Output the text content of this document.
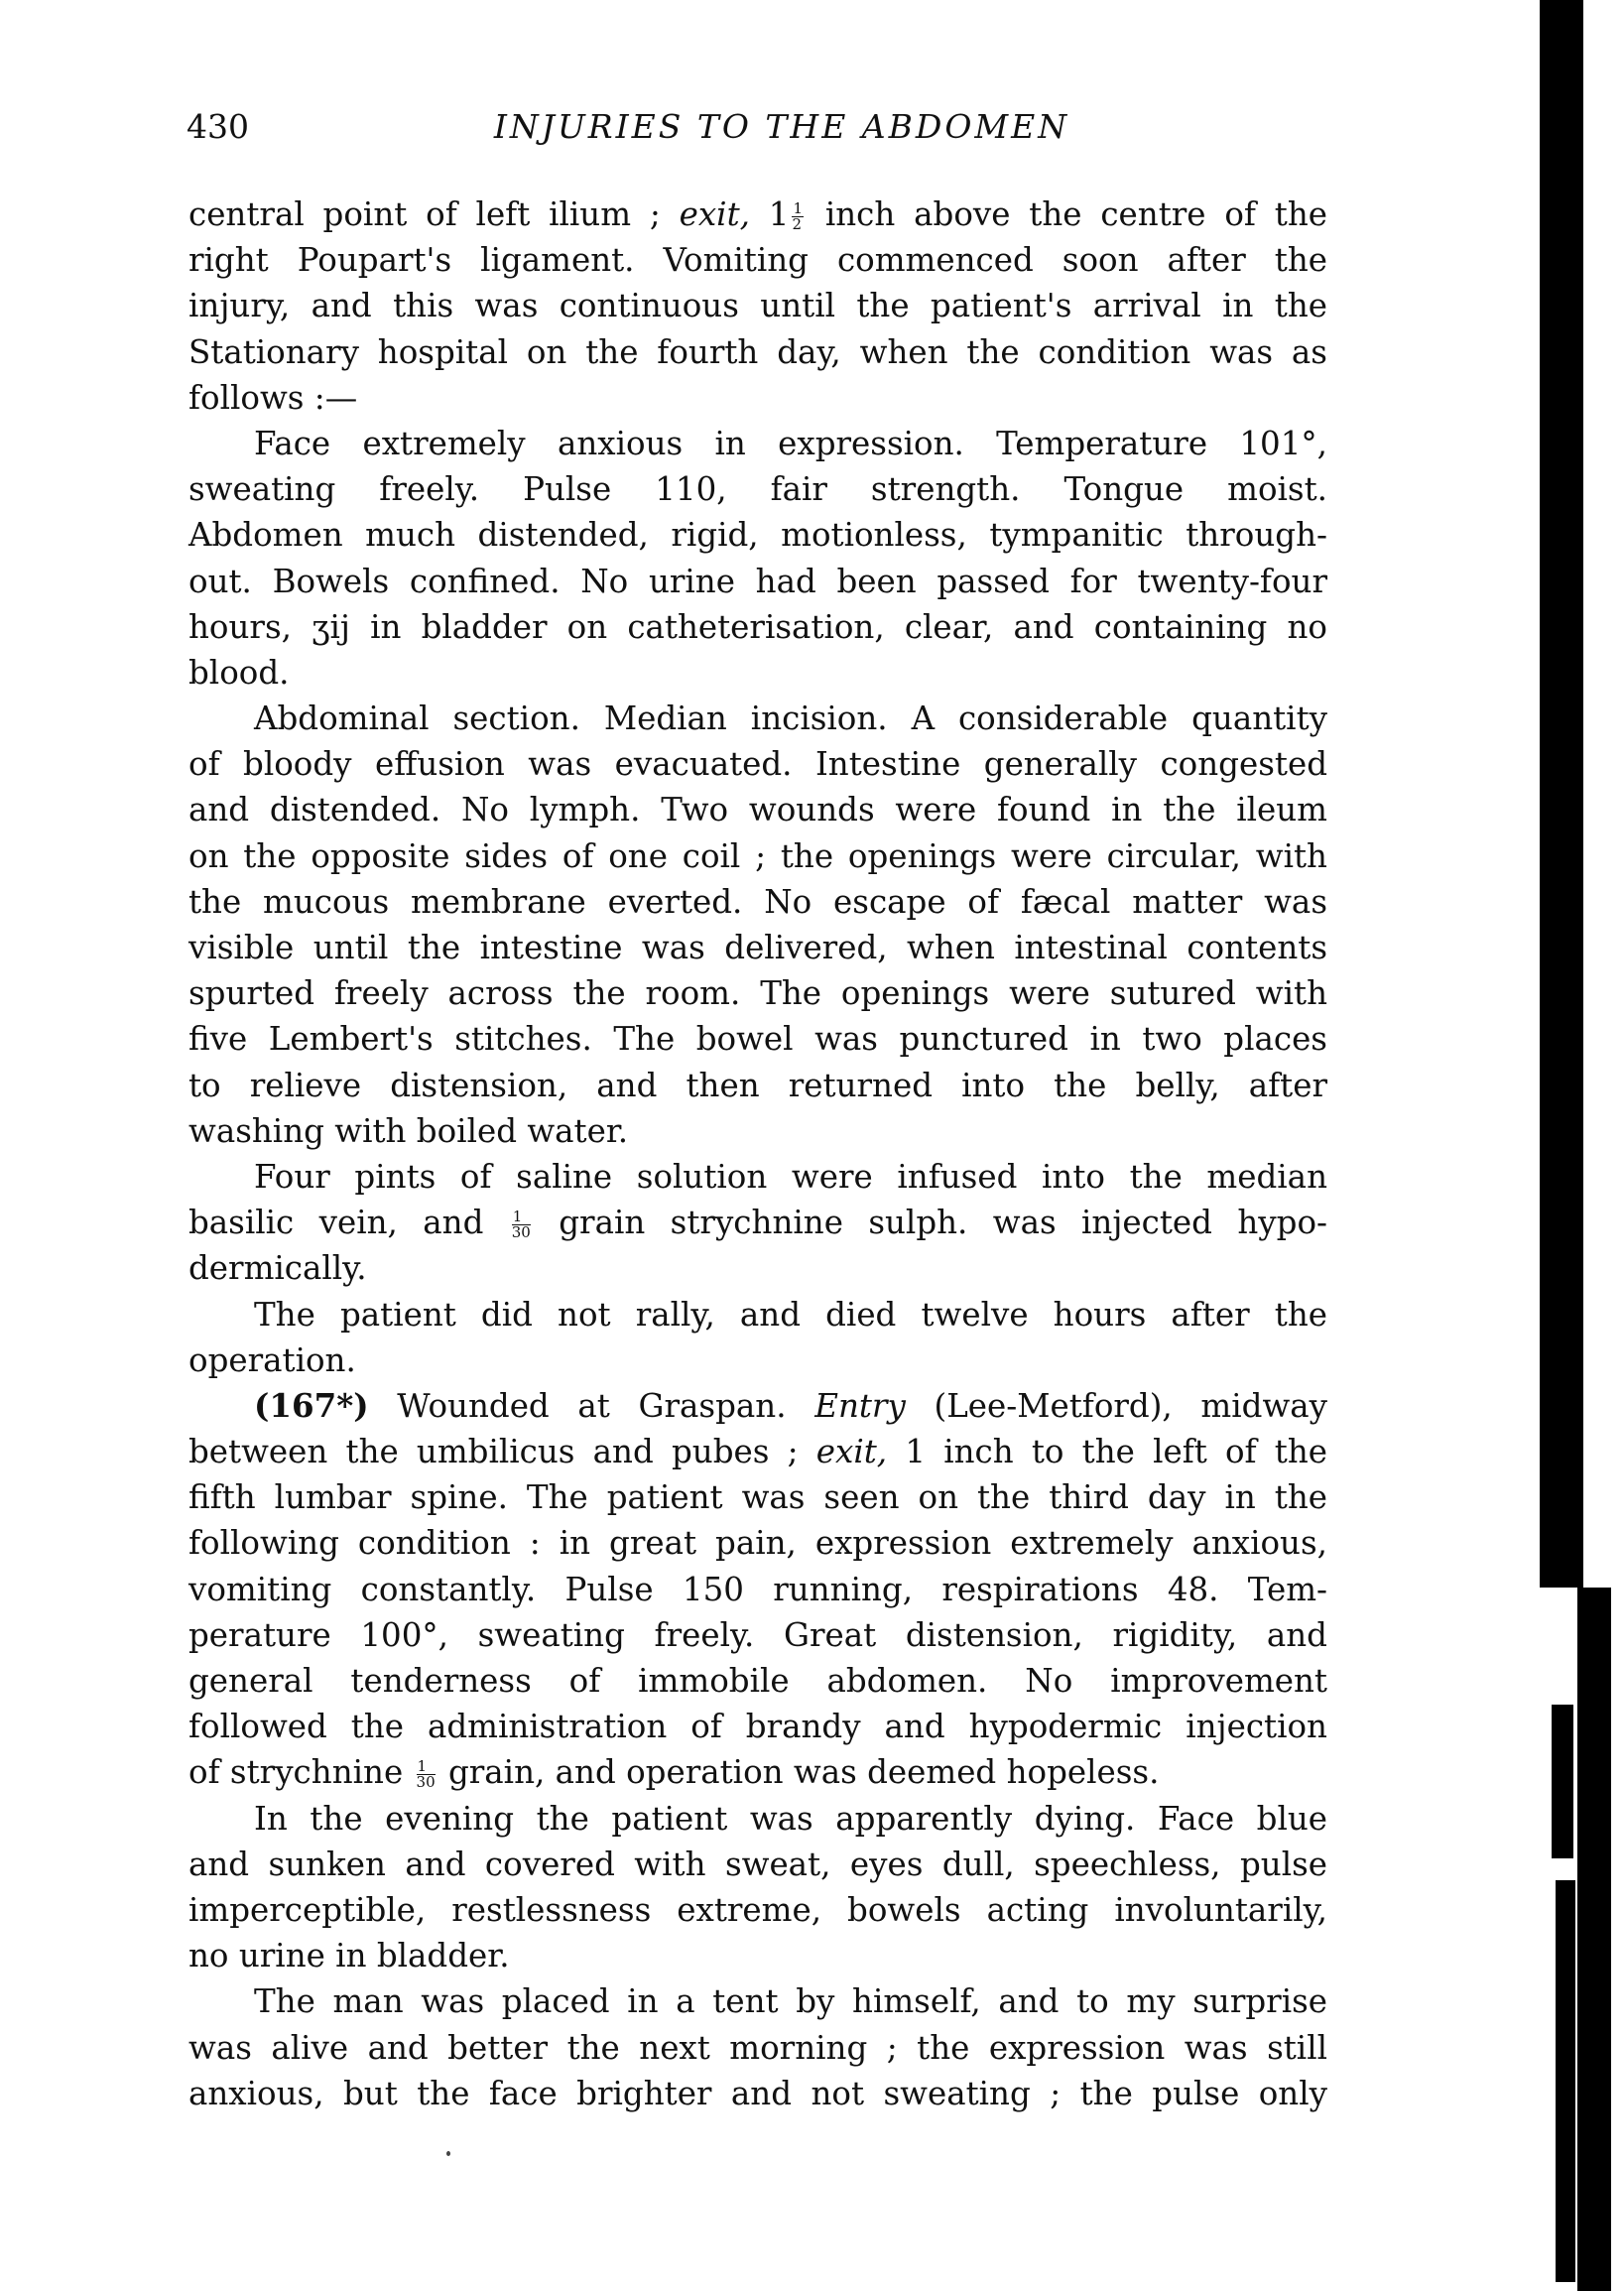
430	INJURIES TO THE ABDOMEN
central point of left ilium ; exit, $1 \frac{1}{2}$ inch above the centre of the
right Poupart's ligament. Vomiting commenced soon after the
injury, and this was continuous until the patient's arrival in the
Stationary hospital on the fourth day, when the condition was as
follows :—
Face extremely anxious in expression. Temperature 101°,
sweating freely. Pulse 110, fair strength. Tongue moist.
Abdomen much distended, rigid, motionless, tympanitic through-
out. Bowels confined. No urine had been passed for twenty-four
hours, ʒij in bladder on catheterisation, clear, and containing no
blood.
Abdominal section. Median incision. A considerable quantity
of bloody effusion was evacuated. Intestine generally congested
and distended. No lymph. Two wounds were found in the ileum
on the opposite sides of one coil ; the openings were circular, with
the mucous membrane everted. No escape of fæcal matter was
visible until the intestine was delivered, when intestinal contents
spurted freely across the room. The openings were sutured with
five Lembert's stitches. The bowel was punctured in two places
to relieve distension, and then returned into the belly, after
washing with boiled water.
Four pints of saline solution were infused into the median
basilic vein, and $\frac{1}{30}$ grain strychnine sulph. was injected hypo-
dermically.
The patient did not rally, and died twelve hours after the
operation.
(167*) Wounded at Graspan. Entry (Lee-Metford), midway
between the umbilicus and pubes ; exit, 1 inch to the left of the
fifth lumbar spine. The patient was seen on the third day in the
following condition : in great pain, expression extremely anxious,
vomiting constantly. Pulse 150 running, respirations 48. Tem-
perature 100°, sweating freely. Great distension, rigidity, and
general tenderness of immobile abdomen. No improvement
followed the administration of brandy and hypodermic injection
of strychnine $\frac{1}{30}$ grain, and operation was deemed hopeless.
In the evening the patient was apparently dying. Face blue
and sunken and covered with sweat, eyes dull, speechless, pulse
imperceptible, restlessness extreme, bowels acting involuntarily,
no urine in bladder.
The man was placed in a tent by himself, and to my surprise
was alive and better the next morning ; the expression was still
anxious, but the face brighter and not sweating ; the pulse only
